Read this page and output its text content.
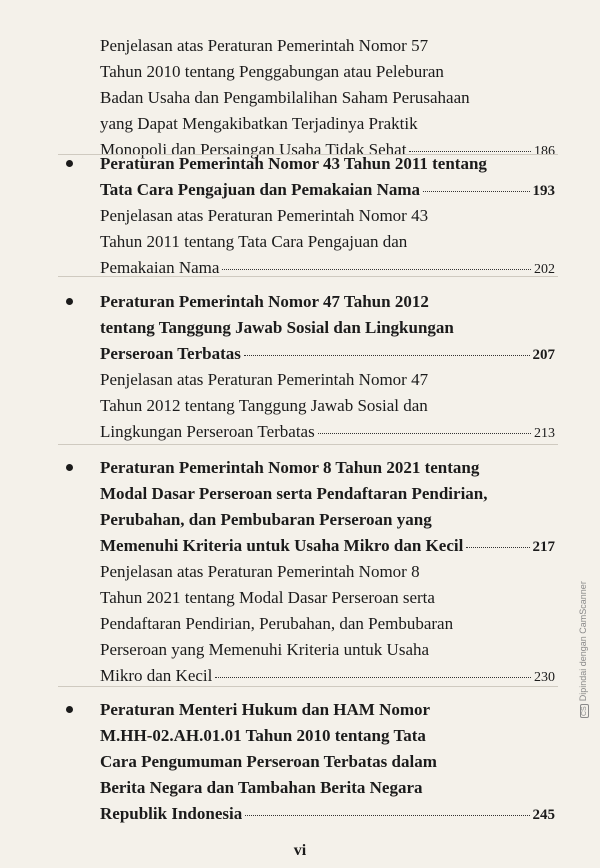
Penjelasan atas Peraturan Pemerintah Nomor 57
Tahun 2010 tentang Penggabungan atau Peleburan
Badan Usaha dan Pengambilalihan Saham Perusahaan
yang Dapat Mengakibatkan Terjadinya Praktik
Monopoli dan Persaingan Usaha Tidak Sehat	186
Peraturan Pemerintah Nomor 43 Tahun 2011 tentang
Tata Cara Pengajuan dan Pemakaian Nama	193
Penjelasan atas Peraturan Pemerintah Nomor 43
Tahun 2011 tentang Tata Cara Pengajuan dan
Pemakaian Nama	202
Peraturan Pemerintah Nomor 47 Tahun 2012
tentang Tanggung Jawab Sosial dan Lingkungan
Perseroan Terbatas	207
Penjelasan atas Peraturan Pemerintah Nomor 47
Tahun 2012 tentang Tanggung Jawab Sosial dan
Lingkungan Perseroan Terbatas	213
Peraturan Pemerintah Nomor 8 Tahun 2021 tentang
Modal Dasar Perseroan serta Pendaftaran Pendirian,
Perubahan, dan Pembubaran Perseroan yang
Memenuhi Kriteria untuk Usaha Mikro dan Kecil	217
Penjelasan atas Peraturan Pemerintah Nomor 8
Tahun 2021 tentang Modal Dasar Perseroan serta
Pendaftaran Pendirian, Perubahan, dan Pembubaran
Perseroan yang Memenuhi Kriteria untuk Usaha
Mikro dan Kecil	230
Peraturan Menteri Hukum dan HAM Nomor
M.HH-02.AH.01.01 Tahun 2010 tentang Tata
Cara Pengumuman Perseroan Terbatas dalam
Berita Negara dan Tambahan Berita Negara
Republik Indonesia	245
vi
CSDipindai dengan CamScanner
